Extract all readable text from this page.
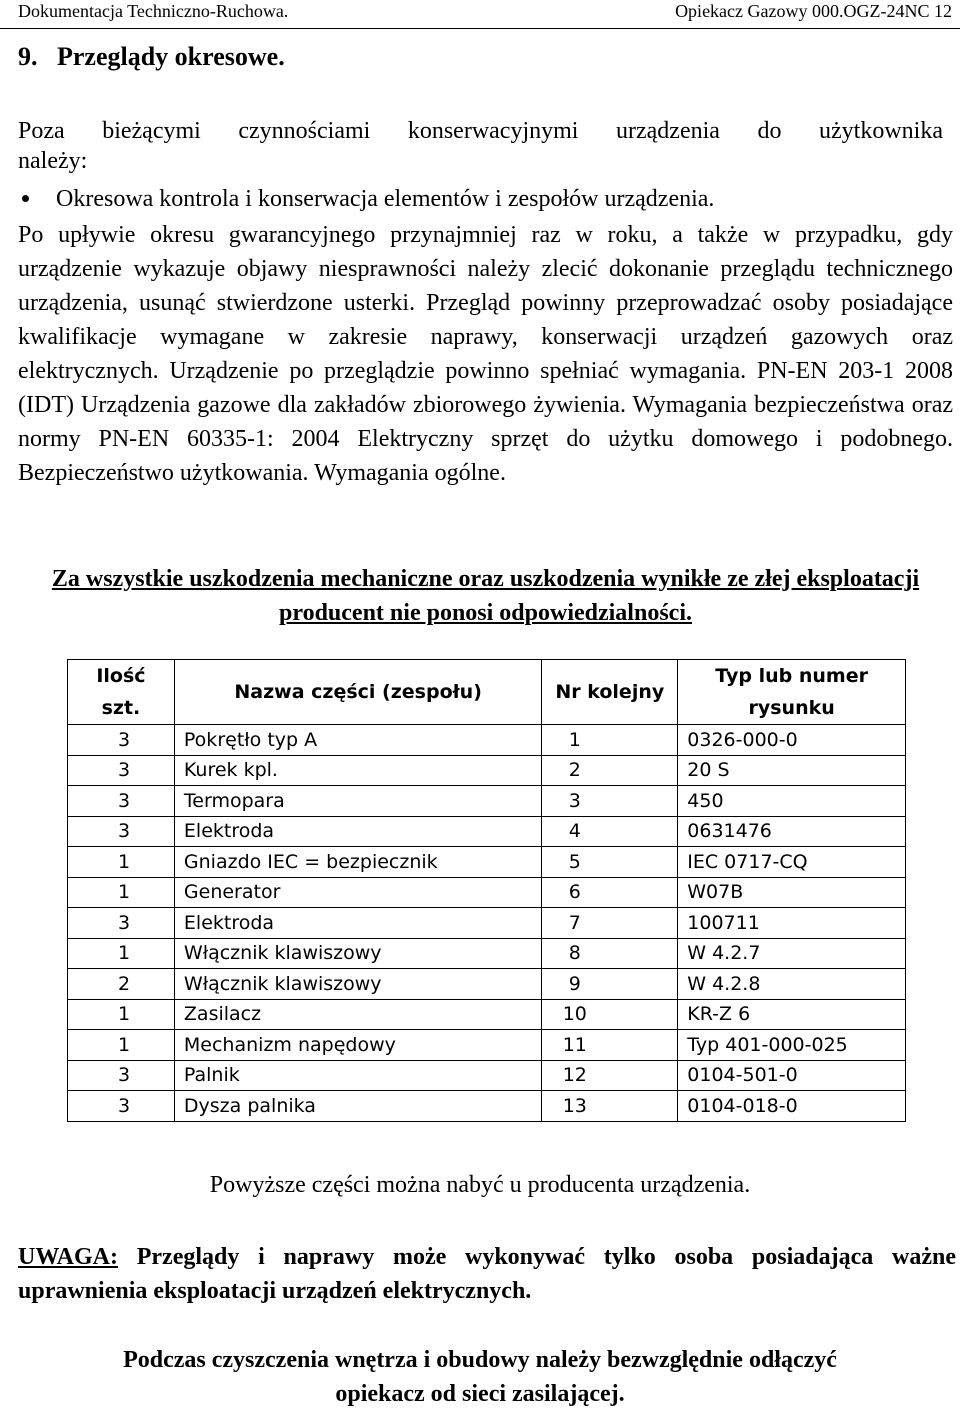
Dokumentacja Techniczno-Ruchowa.	Opiekacz Gazowy 000.OGZ-24NC 12
9.   Przeglądy okresowe.
Poza bieżącymi czynnościami konserwacyjnymi urządzenia do użytkownika
należy:
Okresowa kontrola i konserwacja elementów i zespołów urządzenia.

Po upływie okresu gwarancyjnego przynajmniej raz w roku, a także w przypadku, gdy urządzenie wykazuje objawy niesprawności należy zlecić dokonanie przeglądu technicznego urządzenia, usunąć stwierdzone usterki. Przegląd powinny przeprowadzać osoby posiadające kwalifikacje wymagane w zakresie naprawy, konserwacji urządzeń gazowych oraz elektrycznych. Urządzenie po przeglądzie powinno spełniać wymagania. PN-EN 203-1 2008 (IDT) Urządzenia gazowe dla zakładów zbiorowego żywienia. Wymagania bezpieczeństwa oraz normy PN-EN 60335-1: 2004 Elektryczny sprzęt do użytku domowego i podobnego. Bezpieczeństwo użytkowania. Wymagania ogólne.

Za wszystkie uszkodzenia mechaniczne oraz uszkodzenia wynikłe ze złej eksploatacji producent nie ponosi odpowiedzialności.
Ilość szt.	Nazwa części (zespołu)	Nr kolejny	Typ lub numer rysunku
3	Pokrętło typ A	1	0326-000-0
3	Kurek kpl.	2	20 S
3	Termopara	3	450
3	Elektroda	4	0631476
1	Gniazdo IEC = bezpiecznik	5	IEC 0717-CQ
1	Generator	6	W07B
3	Elektroda	7	100711
1	Włącznik klawiszowy	8	W 4.2.7
2	Włącznik klawiszowy	9	W 4.2.8
1	Zasilacz	10	KR-Z 6
1	Mechanizm napędowy	11	Typ 401-000-025
3	Palnik	12	0104-501-0
3	Dysza palnika	13	0104-018-0
Powyższe części można nabyć u producenta urządzenia.

UWAGA: Przeglądy i naprawy może wykonywać tylko osoba posiadająca ważne uprawnienia eksploatacji urządzeń elektrycznych.

Podczas czyszczenia wnętrza i obudowy należy bezwzględnie odłączyć
opiekacz od sieci zasilającej.
